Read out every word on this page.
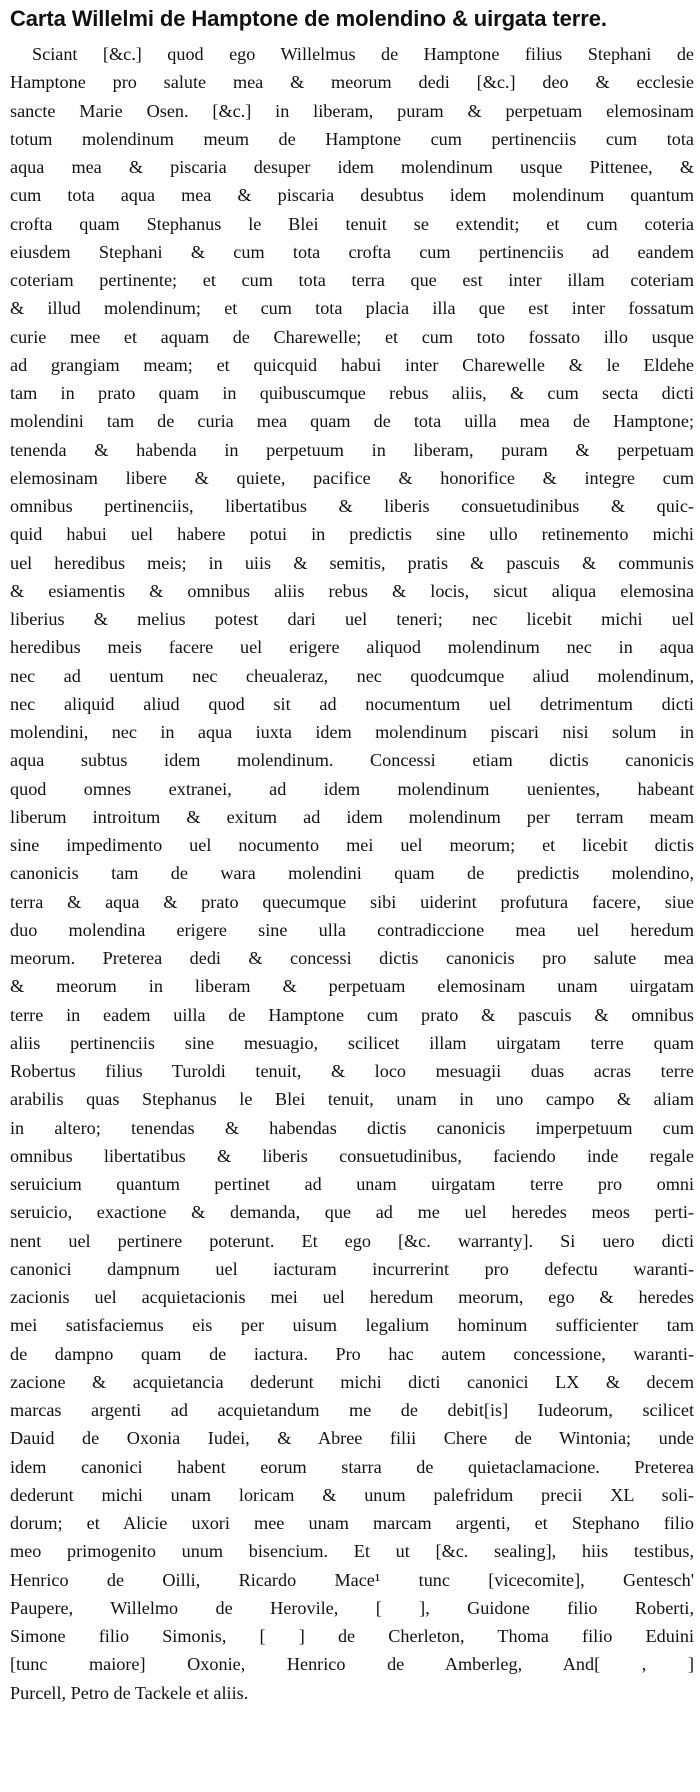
Carta Willelmi de Hamptone de molendino & uirgata terre.
Sciant [&c.] quod ego Willelmus de Hamptone filius Stephani de
Hamptone pro salute mea & meorum dedi [&c.] deo & ecclesie
sancte Marie Osen. [&c.] in liberam, puram & perpetuam elemosinam
totum molendinum meum de Hamptone cum pertinenciis cum tota
aqua mea & piscaria desuper idem molendinum usque Pittenee, &
cum tota aqua mea & piscaria desubtus idem molendinum quantum
crofta quam Stephanus le Blei tenuit se extendit; et cum coteria
eiusdem Stephani & cum tota crofta cum pertinenciis ad eandem
coteriam pertinente; et cum tota terra que est inter illam coteriam
& illud molendinum; et cum tota placia illa que est inter fossatum
curie mee et aquam de Charewelle; et cum toto fossato illo usque
ad grangiam meam; et quicquid habui inter Charewelle & le Eldehe
tam in prato quam in quibuscumque rebus aliis, & cum secta dicti
molendini tam de curia mea quam de tota uilla mea de Hamptone;
tenenda & habenda in perpetuum in liberam, puram & perpetuam
elemosinam libere & quiete, pacifice & honorifice & integre cum
omnibus pertinenciis, libertatibus & liberis consuetudinibus & quic-
quid habui uel habere potui in predictis sine ullo retinemento michi
uel heredibus meis; in uiis & semitis, pratis & pascuis & communis
& esiamentis & omnibus aliis rebus & locis, sicut aliqua elemosina
liberius & melius potest dari uel teneri; nec licebit michi uel
heredibus meis facere uel erigere aliquod molendinum nec in aqua
nec ad uentum nec cheualeraz, nec quodcumque aliud molendinum,
nec aliquid aliud quod sit ad nocumentum uel detrimentum dicti
molendini, nec in aqua iuxta idem molendinum piscari nisi solum in
aqua subtus idem molendinum. Concessi etiam dictis canonicis
quod omnes extranei, ad idem molendinum uenientes, habeant
liberum introitum & exitum ad idem molendinum per terram meam
sine impedimento uel nocumento mei uel meorum; et licebit dictis
canonicis tam de wara molendini quam de predictis molendino,
terra & aqua & prato quecumque sibi uiderint profutura facere, siue
duo molendina erigere sine ulla contradiccione mea uel heredum
meorum. Preterea dedi & concessi dictis canonicis pro salute mea
& meorum in liberam & perpetuam elemosinam unam uirgatam
terre in eadem uilla de Hamptone cum prato & pascuis & omnibus
aliis pertinenciis sine mesuagio, scilicet illam uirgatam terre quam
Robertus filius Turoldi tenuit, & loco mesuagii duas acras terre
arabilis quas Stephanus le Blei tenuit, unam in uno campo & aliam
in altero; tenendas & habendas dictis canonicis imperpetuum cum
omnibus libertatibus & liberis consuetudinibus, faciendo inde regale
seruicium quantum pertinet ad unam uirgatam terre pro omni
seruicio, exactione & demanda, que ad me uel heredes meos perti-
nent uel pertinere poterunt. Et ego [&c. warranty]. Si uero dicti
canonici dampnum uel iacturam incurrerint pro defectu waranti-
zacionis uel acquietacionis mei uel heredum meorum, ego & heredes
mei satisfaciemus eis per uisum legalium hominum sufficienter tam
de dampno quam de iactura. Pro hac autem concessione, waranti-
zacione & acquietancia dederunt michi dicti canonici LX & decem
marcas argenti ad acquietandum me de debit[is] Iudeorum, scilicet
Dauid de Oxonia Iudei, & Abree filii Chere de Wintonia; unde
idem canonici habent eorum starra de quietaclamacione. Preterea
dederunt michi unam loricam & unum palefridum precii XL soli-
dorum; et Alicie uxori mee unam marcam argenti, et Stephano filio
meo primogenito unum bisencium. Et ut [&c. sealing], hiis testibus,
Henrico de Oilli, Ricardo Mace¹ tunc [vicecomite], Gentesch'
Paupere, Willelmo de Herovile, [ ], Guidone filio Roberti,
Simone filio Simonis, [ ] de Cherleton, Thoma filio Eduini
[tunc maiore] Oxonie, Henrico de Amberleg, And[ , ]
Purcell, Petro de Tackele et aliis.
